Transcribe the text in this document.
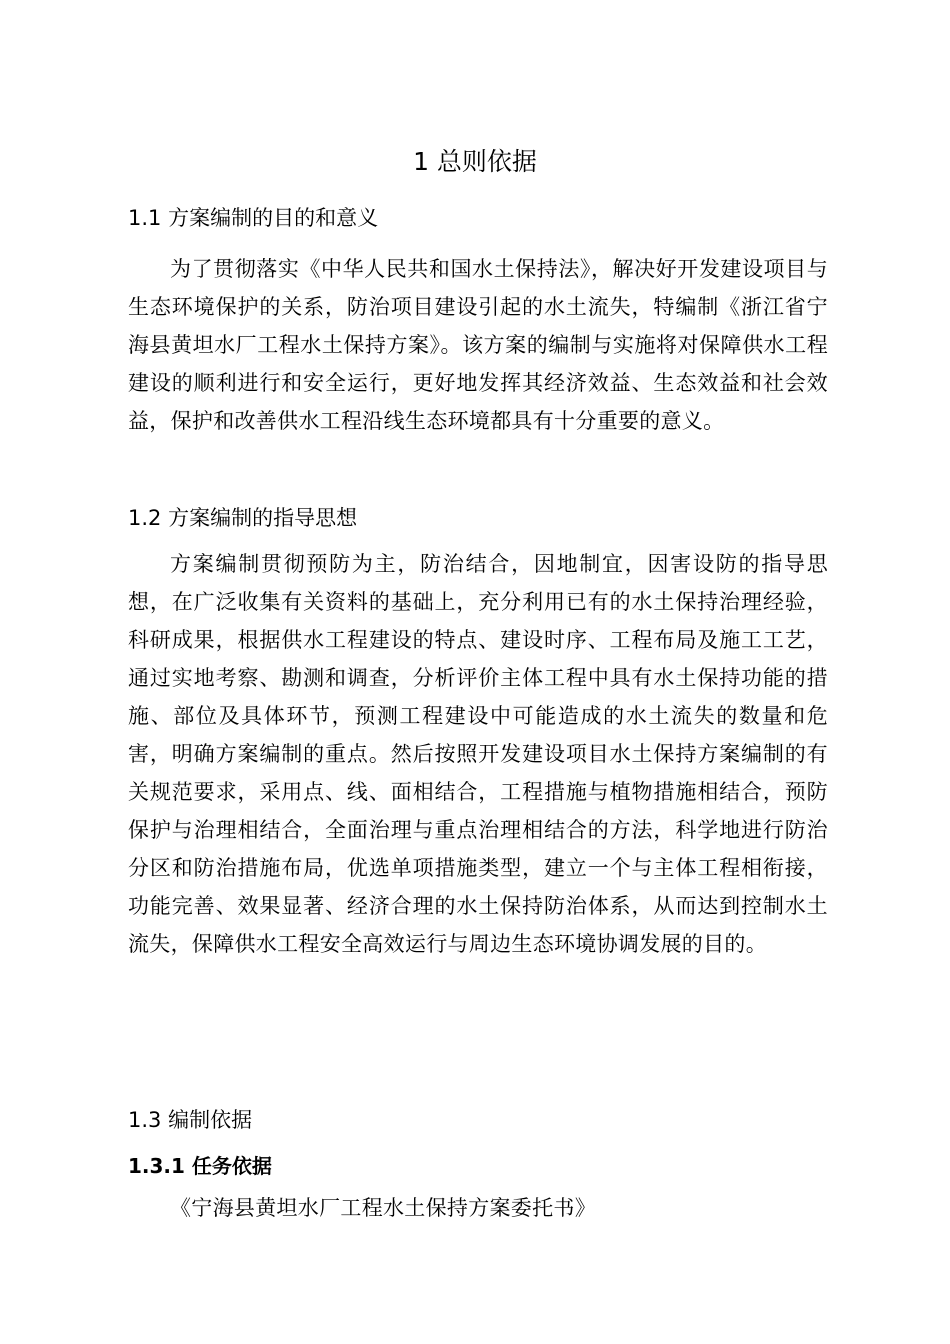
1 总则依据
1.1 方案编制的目的和意义

为了贯彻落实《中华人民共和国水土保持法》，解决好开发建设项目与生态环境保护的关系，防治项目建设引起的水土流失，特编制《浙江省宁海县黄坦水厂工程水土保持方案》。该方案的编制与实施将对保障供水工程建设的顺利进行和安全运行，更好地发挥其经济效益、生态效益和社会效益，保护和改善供水工程沿线生态环境都具有十分重要的意义。

1.2 方案编制的指导思想

方案编制贯彻预防为主，防治结合，因地制宜，因害设防的指导思想，在广泛收集有关资料的基础上，充分利用已有的水土保持治理经验，科研成果，根据供水工程建设的特点、建设时序、工程布局及施工工艺，通过实地考察、勘测和调查，分析评价主体工程中具有水土保持功能的措施、部位及具体环节，预测工程建设中可能造成的水土流失的数量和危害，明确方案编制的重点。然后按照开发建设项目水土保持方案编制的有关规范要求，采用点、线、面相结合，工程措施与植物措施相结合，预防保护与治理相结合，全面治理与重点治理相结合的方法，科学地进行防治分区和防治措施布局，优选单项措施类型，建立一个与主体工程相衔接，功能完善、效果显著、经济合理的水土保持防治体系，从而达到控制水土流失，保障供水工程安全高效运行与周边生态环境协调发展的目的。

1.3 编制依据
1.3.1 任务依据

《宁海县黄坦水厂工程水土保持方案委托书》
